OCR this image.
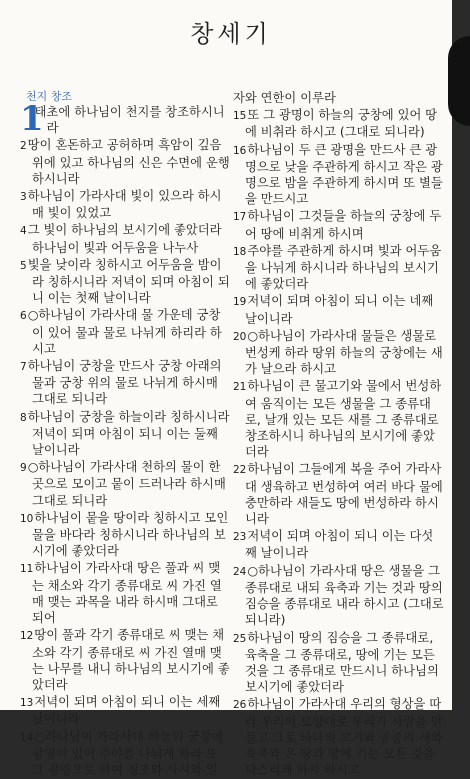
창세기
천지 창조
1
태초에 하나님이 천지를 창조하시니라
2땅이 혼돈하고 공허하며 흑암이 깊음 위에 있고 하나님의 신은 수면에 운행하시니라
3하나님이 가라사대 빛이 있으라 하시매 빛이 있었고
4그 빛이 하나님의 보시기에 좋았더라 하나님이 빛과 어두움을 나누사
5빛을 낮이라 칭하시고 어두움을 밤이라 칭하시니라 저녁이 되며 아침이 되니 이는 첫째 날이니라
6○하나님이 가라사대 물 가운데 궁창이 있어 물과 물로 나뉘게 하리라 하시고
7하나님이 궁창을 만드사 궁창 아래의 물과 궁창 위의 물로 나뉘게 하시매 그대로 되니라
8하나님이 궁창을 하늘이라 칭하시니라 저녁이 되며 아침이 되니 이는 둘째 날이니라
9○하나님이 가라사대 천하의 물이 한 곳으로 모이고 뭍이 드러나라 하시매 그대로 되니라
10하나님이 뭍을 땅이라 칭하시고 모인 물을 바다라 칭하시니라 하나님의 보시기에 좋았더라
11하나님이 가라사대 땅은 풀과 씨 맺는 채소와 각기 종류대로 씨 가진 열매 맺는 과목을 내라 하시매 그대로 되어
12땅이 풀과 각기 종류대로 씨 맺는 채소와 각기 종류대로 씨 가진 열매 맺는 나무를 내니 하나님의 보시기에 좋았더라
13저녁이 되며 아침이 되니 이는 세째 날이니라
14○하나님이 가라사대 하늘의 궁창에 광명이 있어 주야를 나뉘게 하라 또 그 광명으로 하여 징조와 사시와 일
자와 연한이 이루라
15또 그 광명이 하늘의 궁창에 있어 땅에 비취라 하시고 (그대로 되니라)
16하나님이 두 큰 광명을 만드사 큰 광명으로 낮을 주관하게 하시고 작은 광명으로 밤을 주관하게 하시며 또 별들을 만드시고
17하나님이 그것들을 하늘의 궁창에 두어 땅에 비취게 하시며
18주야를 주관하게 하시며 빛과 어두움을 나뉘게 하시니라 하나님의 보시기에 좋았더라
19저녁이 되며 아침이 되니 이는 네째 날이니라
20○하나님이 가라사대 물들은 생물로 번성케 하라 땅위 하늘의 궁창에는 새가 날으라 하시고
21하나님이 큰 물고기와 물에서 번성하여 움직이는 모든 생물을 그 종류대로, 날개 있는 모든 새를 그 종류대로 창조하시니 하나님의 보시기에 좋았더라
22하나님이 그들에게 복을 주어 가라사대 생육하고 번성하여 여러 바다 물에 충만하라 새들도 땅에 번성하라 하시니라
23저녁이 되며 아침이 되니 이는 다섯째 날이니라
24○하나님이 가라사대 땅은 생물을 그 종류대로 내되 육축과 기는 것과 땅의 짐승을 종류대로 내라 하시고 (그대로 되니라)
25하나님이 땅의 짐승을 그 종류대로, 육축을 그 종류대로, 땅에 기는 모든 것을 그 종류대로 만드시니 하나님의 보시기에 좋았더라
26하나님이 가라사대 우리의 형상을 따라 우리의 모양대로 우리가 사람을 만들고 그로 바다의 고기와 공중의 새와 육축과 온 땅과 땅에 기는 모든 것을 다스리게 하자 하시고
